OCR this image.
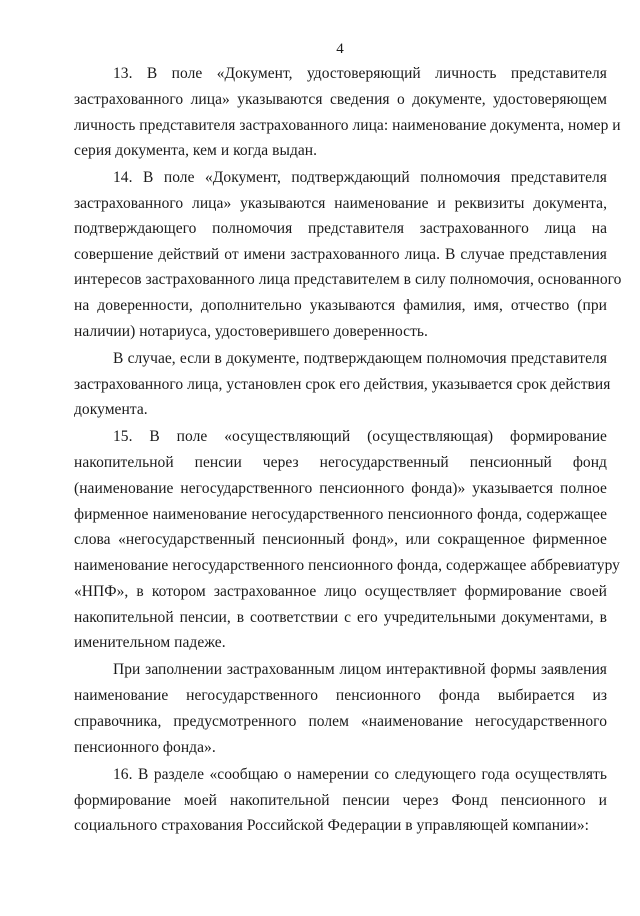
4
13. В поле «Документ, удостоверяющий личность представителя
застрахованного лица» указываются сведения о документе, удостоверяющем
личность представителя застрахованного лица: наименование документа, номер и
серия документа, кем и когда выдан.
14. В поле «Документ, подтверждающий полномочия представителя
застрахованного лица» указываются наименование и реквизиты документа,
подтверждающего полномочия представителя застрахованного лица на
совершение действий от имени застрахованного лица. В случае представления
интересов застрахованного лица представителем в силу полномочия, основанного
на доверенности, дополнительно указываются фамилия, имя, отчество (при
наличии) нотариуса, удостоверившего доверенность.
В случае, если в документе, подтверждающем полномочия представителя
застрахованного лица, установлен срок его действия, указывается срок действия
документа.
15. В поле «осуществляющий (осуществляющая) формирование
накопительной пенсии через негосударственный пенсионный фонд
(наименование негосударственного пенсионного фонда)» указывается полное
фирменное наименование негосударственного пенсионного фонда, содержащее
слова «негосударственный пенсионный фонд», или сокращенное фирменное
наименование негосударственного пенсионного фонда, содержащее аббревиатуру
«НПФ», в котором застрахованное лицо осуществляет формирование своей
накопительной пенсии, в соответствии с его учредительными документами, в
именительном падеже.
При заполнении застрахованным лицом интерактивной формы заявления
наименование негосударственного пенсионного фонда выбирается из
справочника, предусмотренного полем «наименование негосударственного
пенсионного фонда».
16. В разделе «сообщаю о намерении со следующего года осуществлять
формирование моей накопительной пенсии через Фонд пенсионного и
социального страхования Российской Федерации в управляющей компании»:
